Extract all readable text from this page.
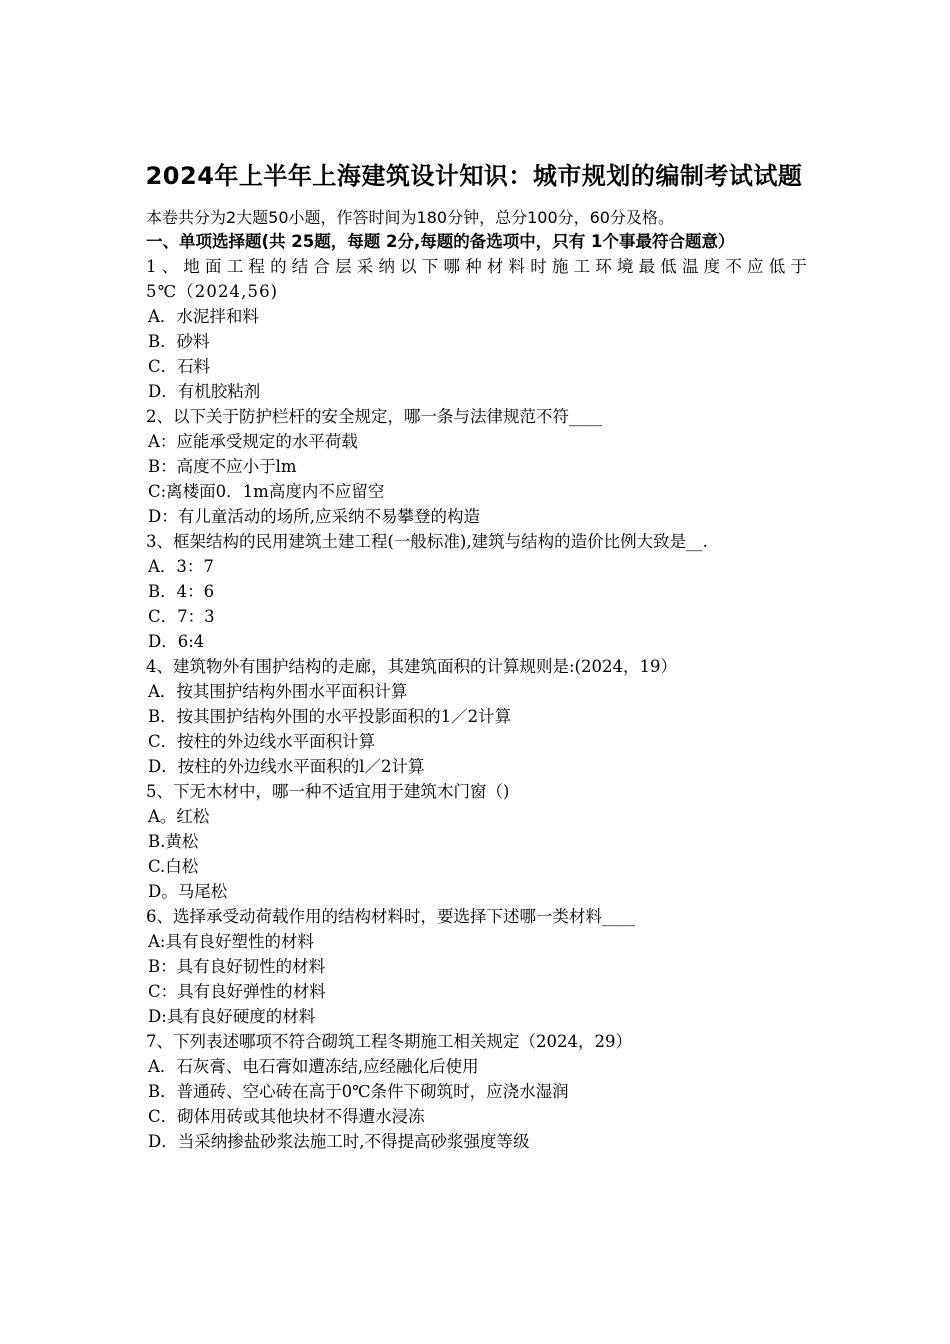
2024年上半年上海建筑设计知识：城市规划的编制考试试题

本卷共分为2大题50小题，作答时间为180分钟，总分100分，60分及格。

一、单项选择题(共 25题，每题 2分,每题的备选项中，只有 1个事最符合题意）

1、地面工程的结合层采纳以下哪种材料时施工环境最低温度不应低于5℃（2024,56)

A．水泥拌和料

B．砂料

C．石料

D．有机胶粘剂

2、以下关于防护栏杆的安全规定，哪一条与法律规范不符____

A：应能承受规定的水平荷载

B：高度不应小于lm

C:离楼面0．1m高度内不应留空

D：有儿童活动的场所,应采纳不易攀登的构造

3、框架结构的民用建筑土建工程(一般标准),建筑与结构的造价比例大致是__.

A．3：7

B．4：6

C．7：3

D．6:4

4、建筑物外有围护结构的走廊，其建筑面积的计算规则是:(2024，19）

A．按其围护结构外围水平面积计算

B．按其围护结构外围的水平投影面积的1／2计算

C．按柱的外边线水平面积计算

D．按柱的外边线水平面积的l／2计算

5、下无木材中，哪一种不适宜用于建筑木门窗（)

A。红松

B.黄松

C.白松

D。马尾松

6、选择承受动荷载作用的结构材料时，要选择下述哪一类材料____

A:具有良好塑性的材料

B：具有良好韧性的材料

C：具有良好弹性的材料

D:具有良好硬度的材料

7、下列表述哪项不符合砌筑工程冬期施工相关规定（2024，29）

A．石灰膏、电石膏如遭冻结,应经融化后使用

B．普通砖、空心砖在高于0℃条件下砌筑时，应浇水湿润

C．砌体用砖或其他块材不得遭水浸冻

D．当采纳掺盐砂浆法施工时,不得提高砂浆强度等级
